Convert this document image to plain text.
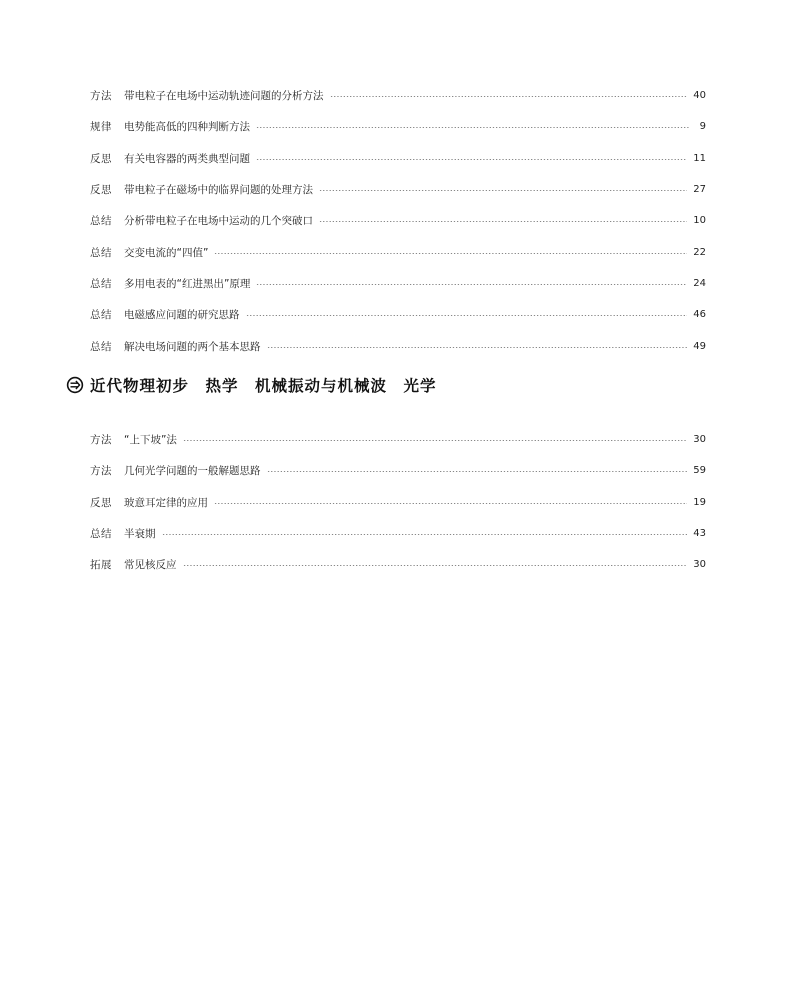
方法	带电粒子在电场中运动轨迹问题的分析方法	40
规律	电势能高低的四种判断方法	9
反思	有关电容器的两类典型问题	11
反思	带电粒子在磁场中的临界问题的处理方法	27
总结	分析带电粒子在电场中运动的几个突破口	10
总结	交变电流的“四值”	22
总结	多用电表的“红进黑出”原理	24
总结	电磁感应问题的研究思路	46
总结	解决电场问题的两个基本思路	49
近代物理初步　热学　机械振动与机械波　光学
方法	“上下坡”法	30
方法	几何光学问题的一般解题思路	59
反思	玻意耳定律的应用	19
总结	半衰期	43
拓展	常见核反应	30
